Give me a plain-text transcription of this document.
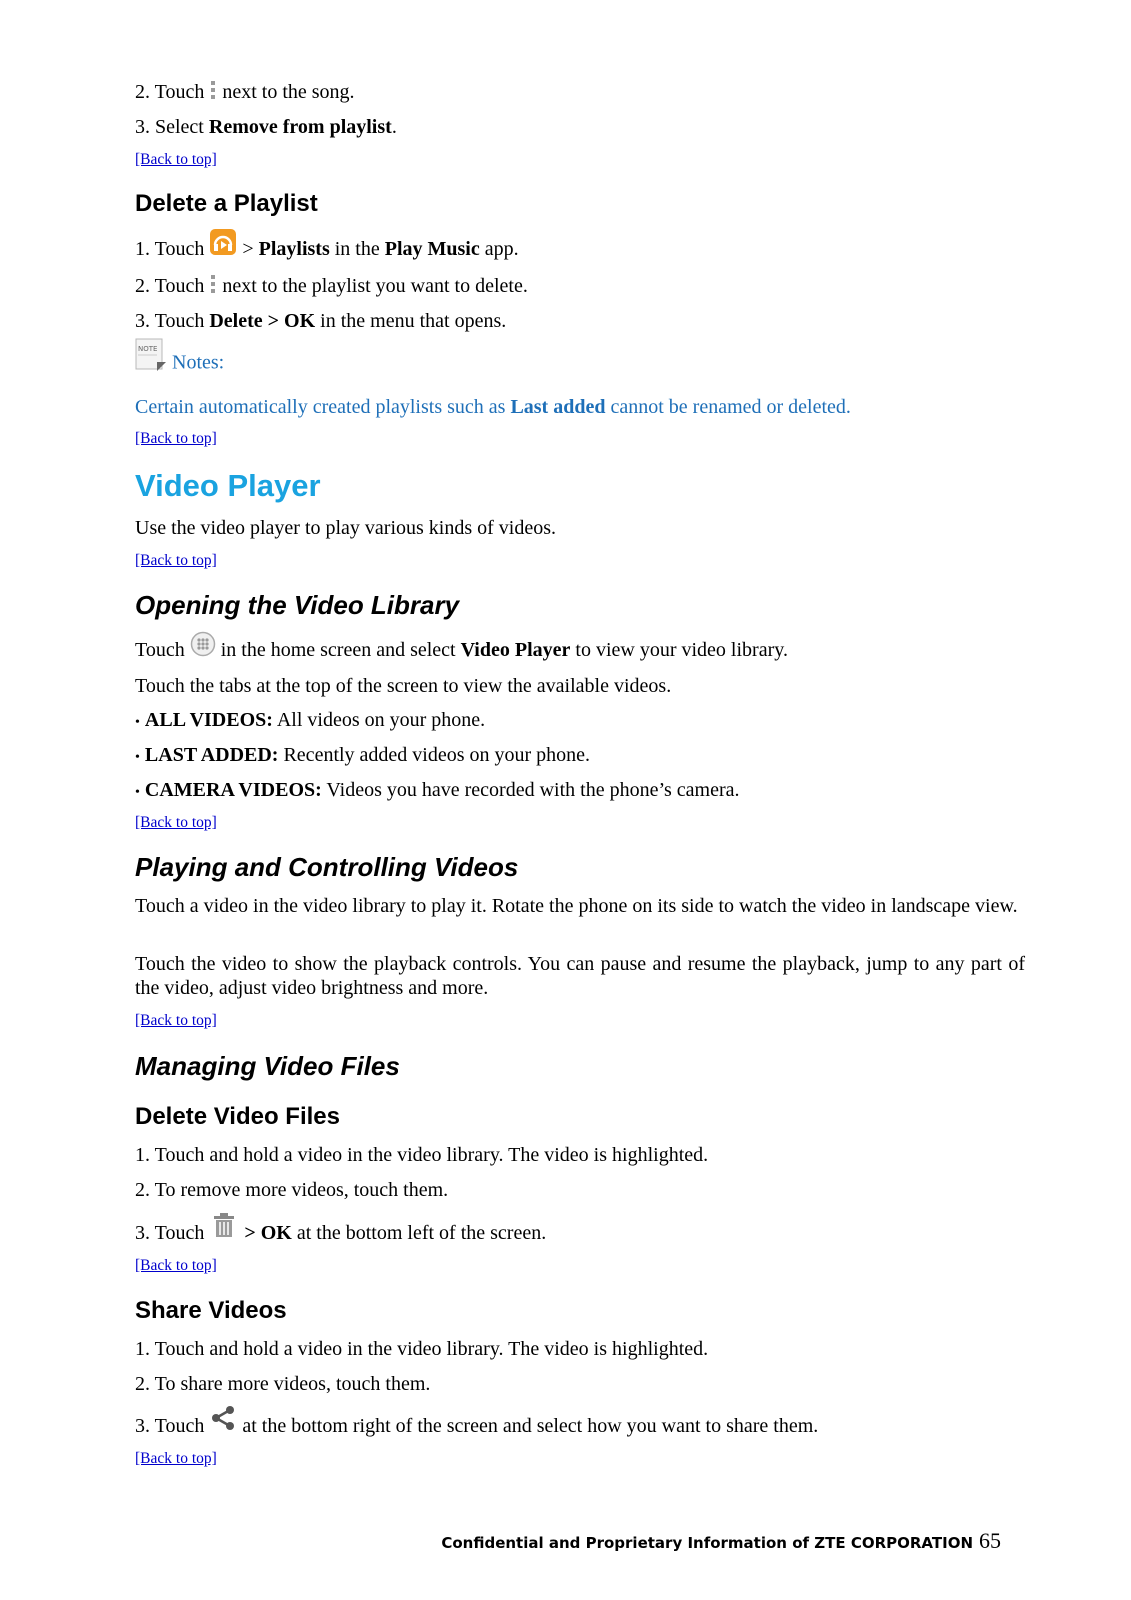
2. Touch next to the song.
3. Select Remove from playlist.
[Back to top]
Delete a Playlist
1. Touch > Playlists in the Play Music app.
2. Touch next to the playlist you want to delete.
3. Touch Delete > OK in the menu that opens.
NOTE
Notes:
Certain automatically created playlists such as Last added cannot be renamed or deleted.
[Back to top]
Video Player
Use the video player to play various kinds of videos.
[Back to top]
Opening the Video Library
Touch in the home screen and select Video Player to view your video library.
Touch the tabs at the top of the screen to view the available videos.
• ALL VIDEOS: All videos on your phone.
• LAST ADDED: Recently added videos on your phone.
• CAMERA VIDEOS: Videos you have recorded with the phone’s camera.
[Back to top]
Playing and Controlling Videos
Touch a video in the video library to play it. Rotate the phone on its side to watch the video in landscape view.
Touch the video to show the playback controls. You can pause and resume the playback, jump to any part of the video, adjust video brightness and more.
[Back to top]
Managing Video Files
Delete Video Files
1. Touch and hold a video in the video library. The video is highlighted.
2. To remove more videos, touch them.
3. Touch > OK at the bottom left of the screen.
[Back to top]
Share Videos
1. Touch and hold a video in the video library. The video is highlighted.
2. To share more videos, touch them.
3. Touch at the bottom right of the screen and select how you want to share them.
[Back to top]
Confidential and Proprietary Information of ZTE CORPORATION 65
